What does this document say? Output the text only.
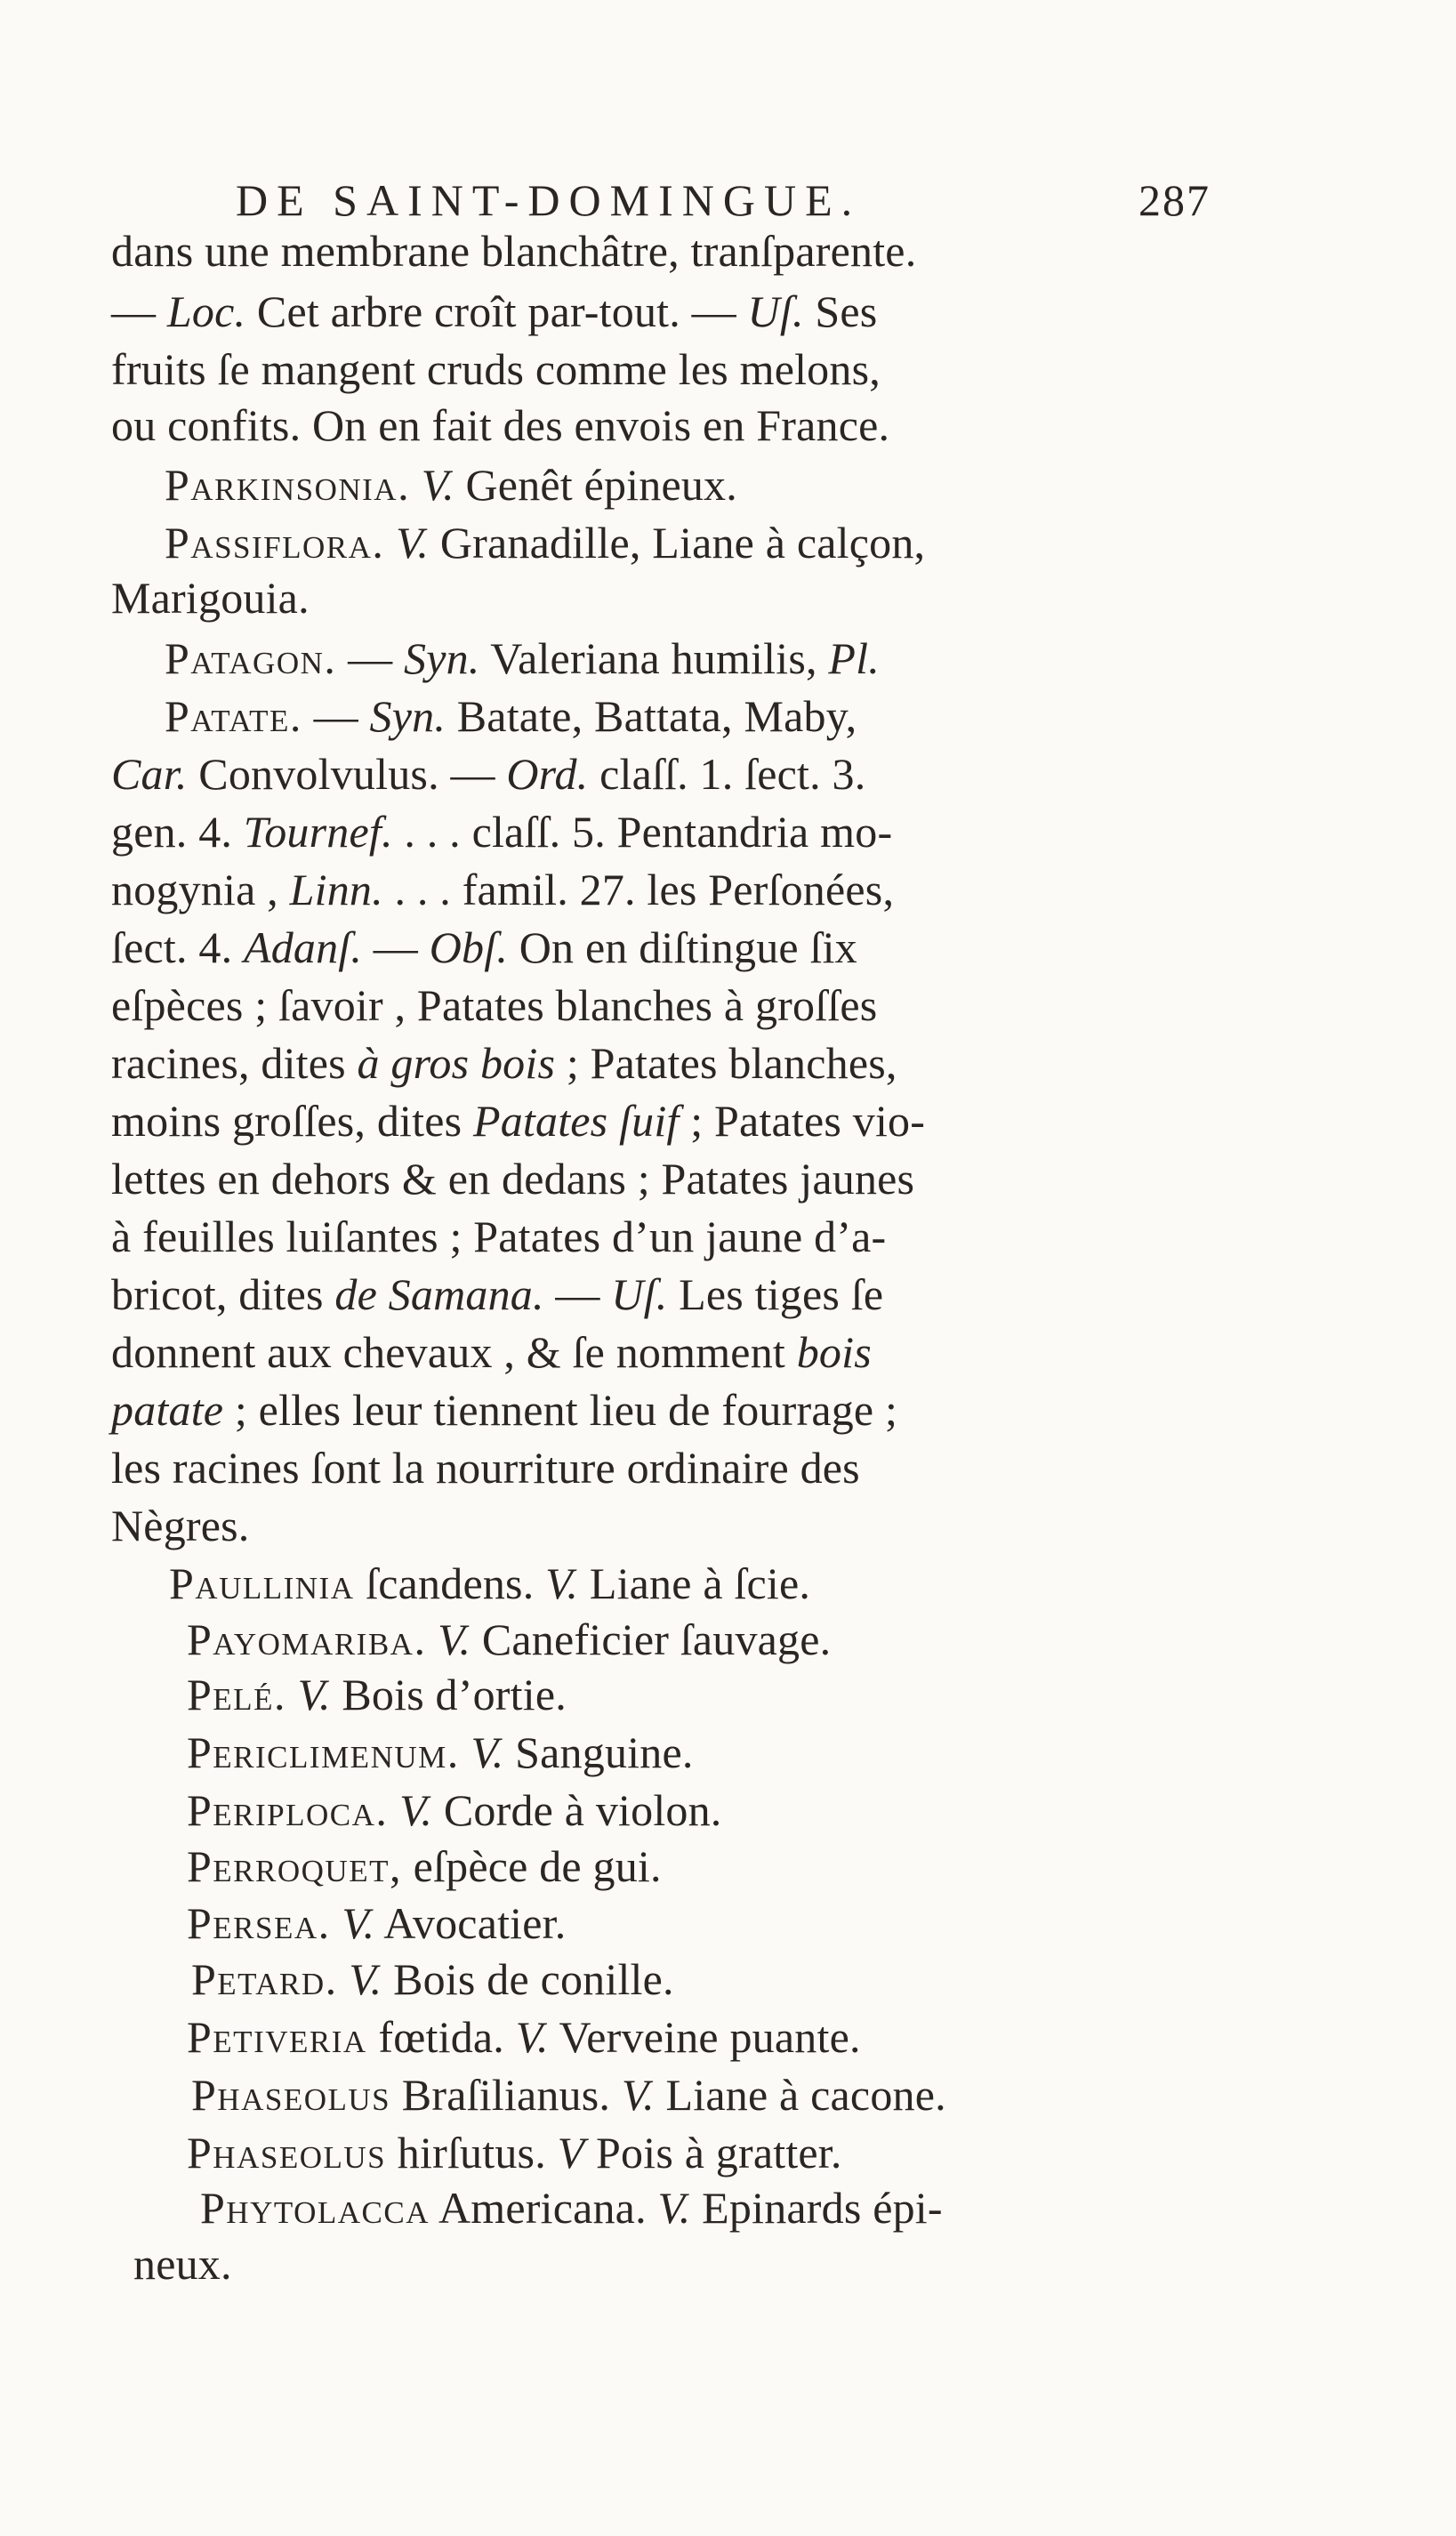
DE SAINT-DOMINGUE.	287
dans une membrane blanchâtre, tranſparente.
— Loc. Cet arbre croît par-tout. — Uſ. Ses
fruits ſe mangent cruds comme les melons,
ou confits. On en fait des envois en France.
Parkinsonia. V. Genêt épineux.
Passiflora. V. Granadille, Liane à calçon,
Marigouia.
Patagon. — Syn. Valeriana humilis, Pl.
Patate. — Syn. Batate, Battata, Maby,
Car. Convolvulus. — Ord. claſſ. 1. ſect. 3.
gen. 4. Tournef. . . . claſſ. 5. Pentandria mo-
nogynia , Linn. . . . famil. 27. les Perſonées,
ſect. 4. Adanſ. — Obſ. On en diſtingue ſix
eſpèces ; ſavoir , Patates blanches à groſſes
racines, dites à gros bois ; Patates blanches,
moins groſſes, dites Patates ſuif ; Patates vio-
lettes en dehors & en dedans ; Patates jaunes
à feuilles luiſantes ; Patates d’un jaune d’a-
bricot, dites de Samana. — Uſ. Les tiges ſe
donnent aux chevaux , & ſe nomment bois
patate ; elles leur tiennent lieu de fourrage ;
les racines ſont la nourriture ordinaire des
Nègres.
Paullinia ſcandens. V. Liane à ſcie.
Payomariba. V. Caneficier ſauvage.
Pelé. V. Bois d’ortie.
Periclimenum. V. Sanguine.
Periploca. V. Corde à violon.
Perroquet, eſpèce de gui.
Persea. V. Avocatier.
Petard. V. Bois de conille.
Petiveria fœtida. V. Verveine puante.
Phaseolus Braſilianus. V. Liane à cacone.
Phaseolus hirſutus. V Pois à gratter.
Phytolacca Americana. V. Epinards épi-
neux.
